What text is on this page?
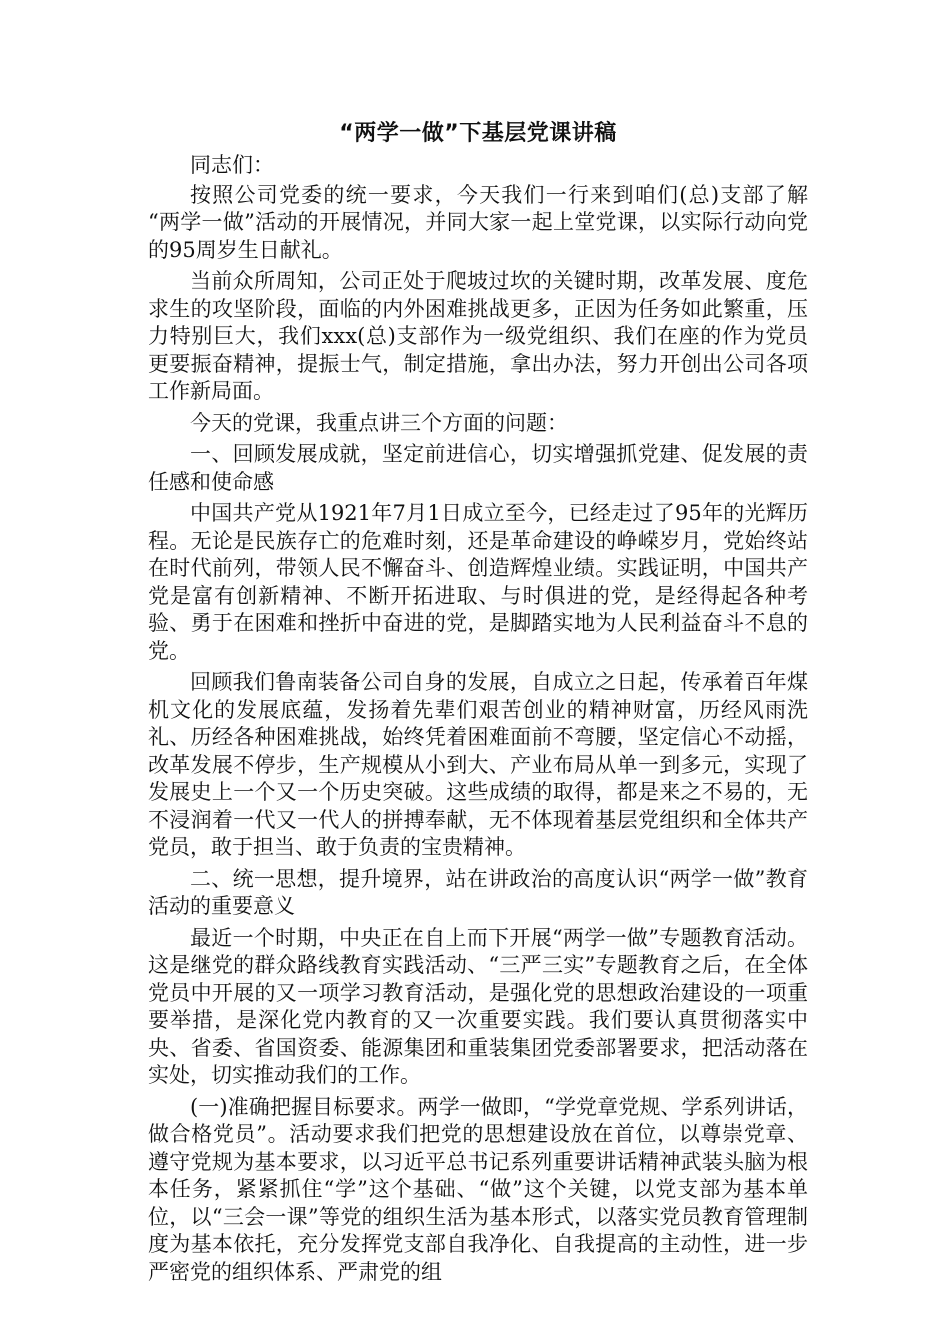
“两学一做”下基层党课讲稿

同志们：

按照公司党委的统一要求，今天我们一行来到咱们(总)支部了解 “两学一做”活动的开展情况，并同大家一起上堂党课，以实际行动向党的95周岁生日献礼。

当前众所周知，公司正处于爬坡过坎的关键时期，改革发展、度危求生的攻坚阶段，面临的内外困难挑战更多，正因为任务如此繁重，压力特别巨大，我们xxx(总)支部作为一级党组织、我们在座的作为党员更要振奋精神，提振士气，制定措施，拿出办法，努力开创出公司各项工作新局面。

今天的党课，我重点讲三个方面的问题：

一、回顾发展成就，坚定前进信心，切实增强抓党建、促发展的责任感和使命感

中国共产党从1921年7月1日成立至今，已经走过了95年的光辉历程。无论是民族存亡的危难时刻，还是革命建设的峥嵘岁月，党始终站在时代前列，带领人民不懈奋斗、创造辉煌业绩。实践证明，中国共产党是富有创新精神、不断开拓进取、与时俱进的党，是经得起各种考验、勇于在困难和挫折中奋进的党，是脚踏实地为人民利益奋斗不息的党。

回顾我们鲁南装备公司自身的发展，自成立之日起，传承着百年煤机文化的发展底蕴，发扬着先辈们艰苦创业的精神财富，历经风雨洗礼、历经各种困难挑战，始终凭着困难面前不弯腰，坚定信心不动摇，改革发展不停步，生产规模从小到大、产业布局从单一到多元，实现了发展史上一个又一个历史突破。这些成绩的取得，都是来之不易的，无不浸润着一代又一代人的拼搏奉献，无不体现着基层党组织和全体共产党员，敢于担当、敢于负责的宝贵精神。

二、统一思想，提升境界，站在讲政治的高度认识“两学一做”教育活动的重要意义

最近一个时期，中央正在自上而下开展“两学一做”专题教育活动。这是继党的群众路线教育实践活动、“三严三实”专题教育之后，在全体党员中开展的又一项学习教育活动，是强化党的思想政治建设的一项重要举措，是深化党内教育的又一次重要实践。我们要认真贯彻落实中央、省委、省国资委、能源集团和重装集团党委部署要求，把活动落在实处，切实推动我们的工作。

(一)准确把握目标要求。两学一做即，“学党章党规、学系列讲话，做合格党员”。活动要求我们把党的思想建设放在首位，以尊崇党章、遵守党规为基本要求，以习近平总书记系列重要讲话精神武装头脑为根本任务，紧紧抓住“学”这个基础、“做”这个关键，以党支部为基本单位，以“三会一课”等党的组织生活为基本形式，以落实党员教育管理制度为基本依托，充分发挥党支部自我净化、自我提高的主动性，进一步严密党的组织体系、严肃党的组
